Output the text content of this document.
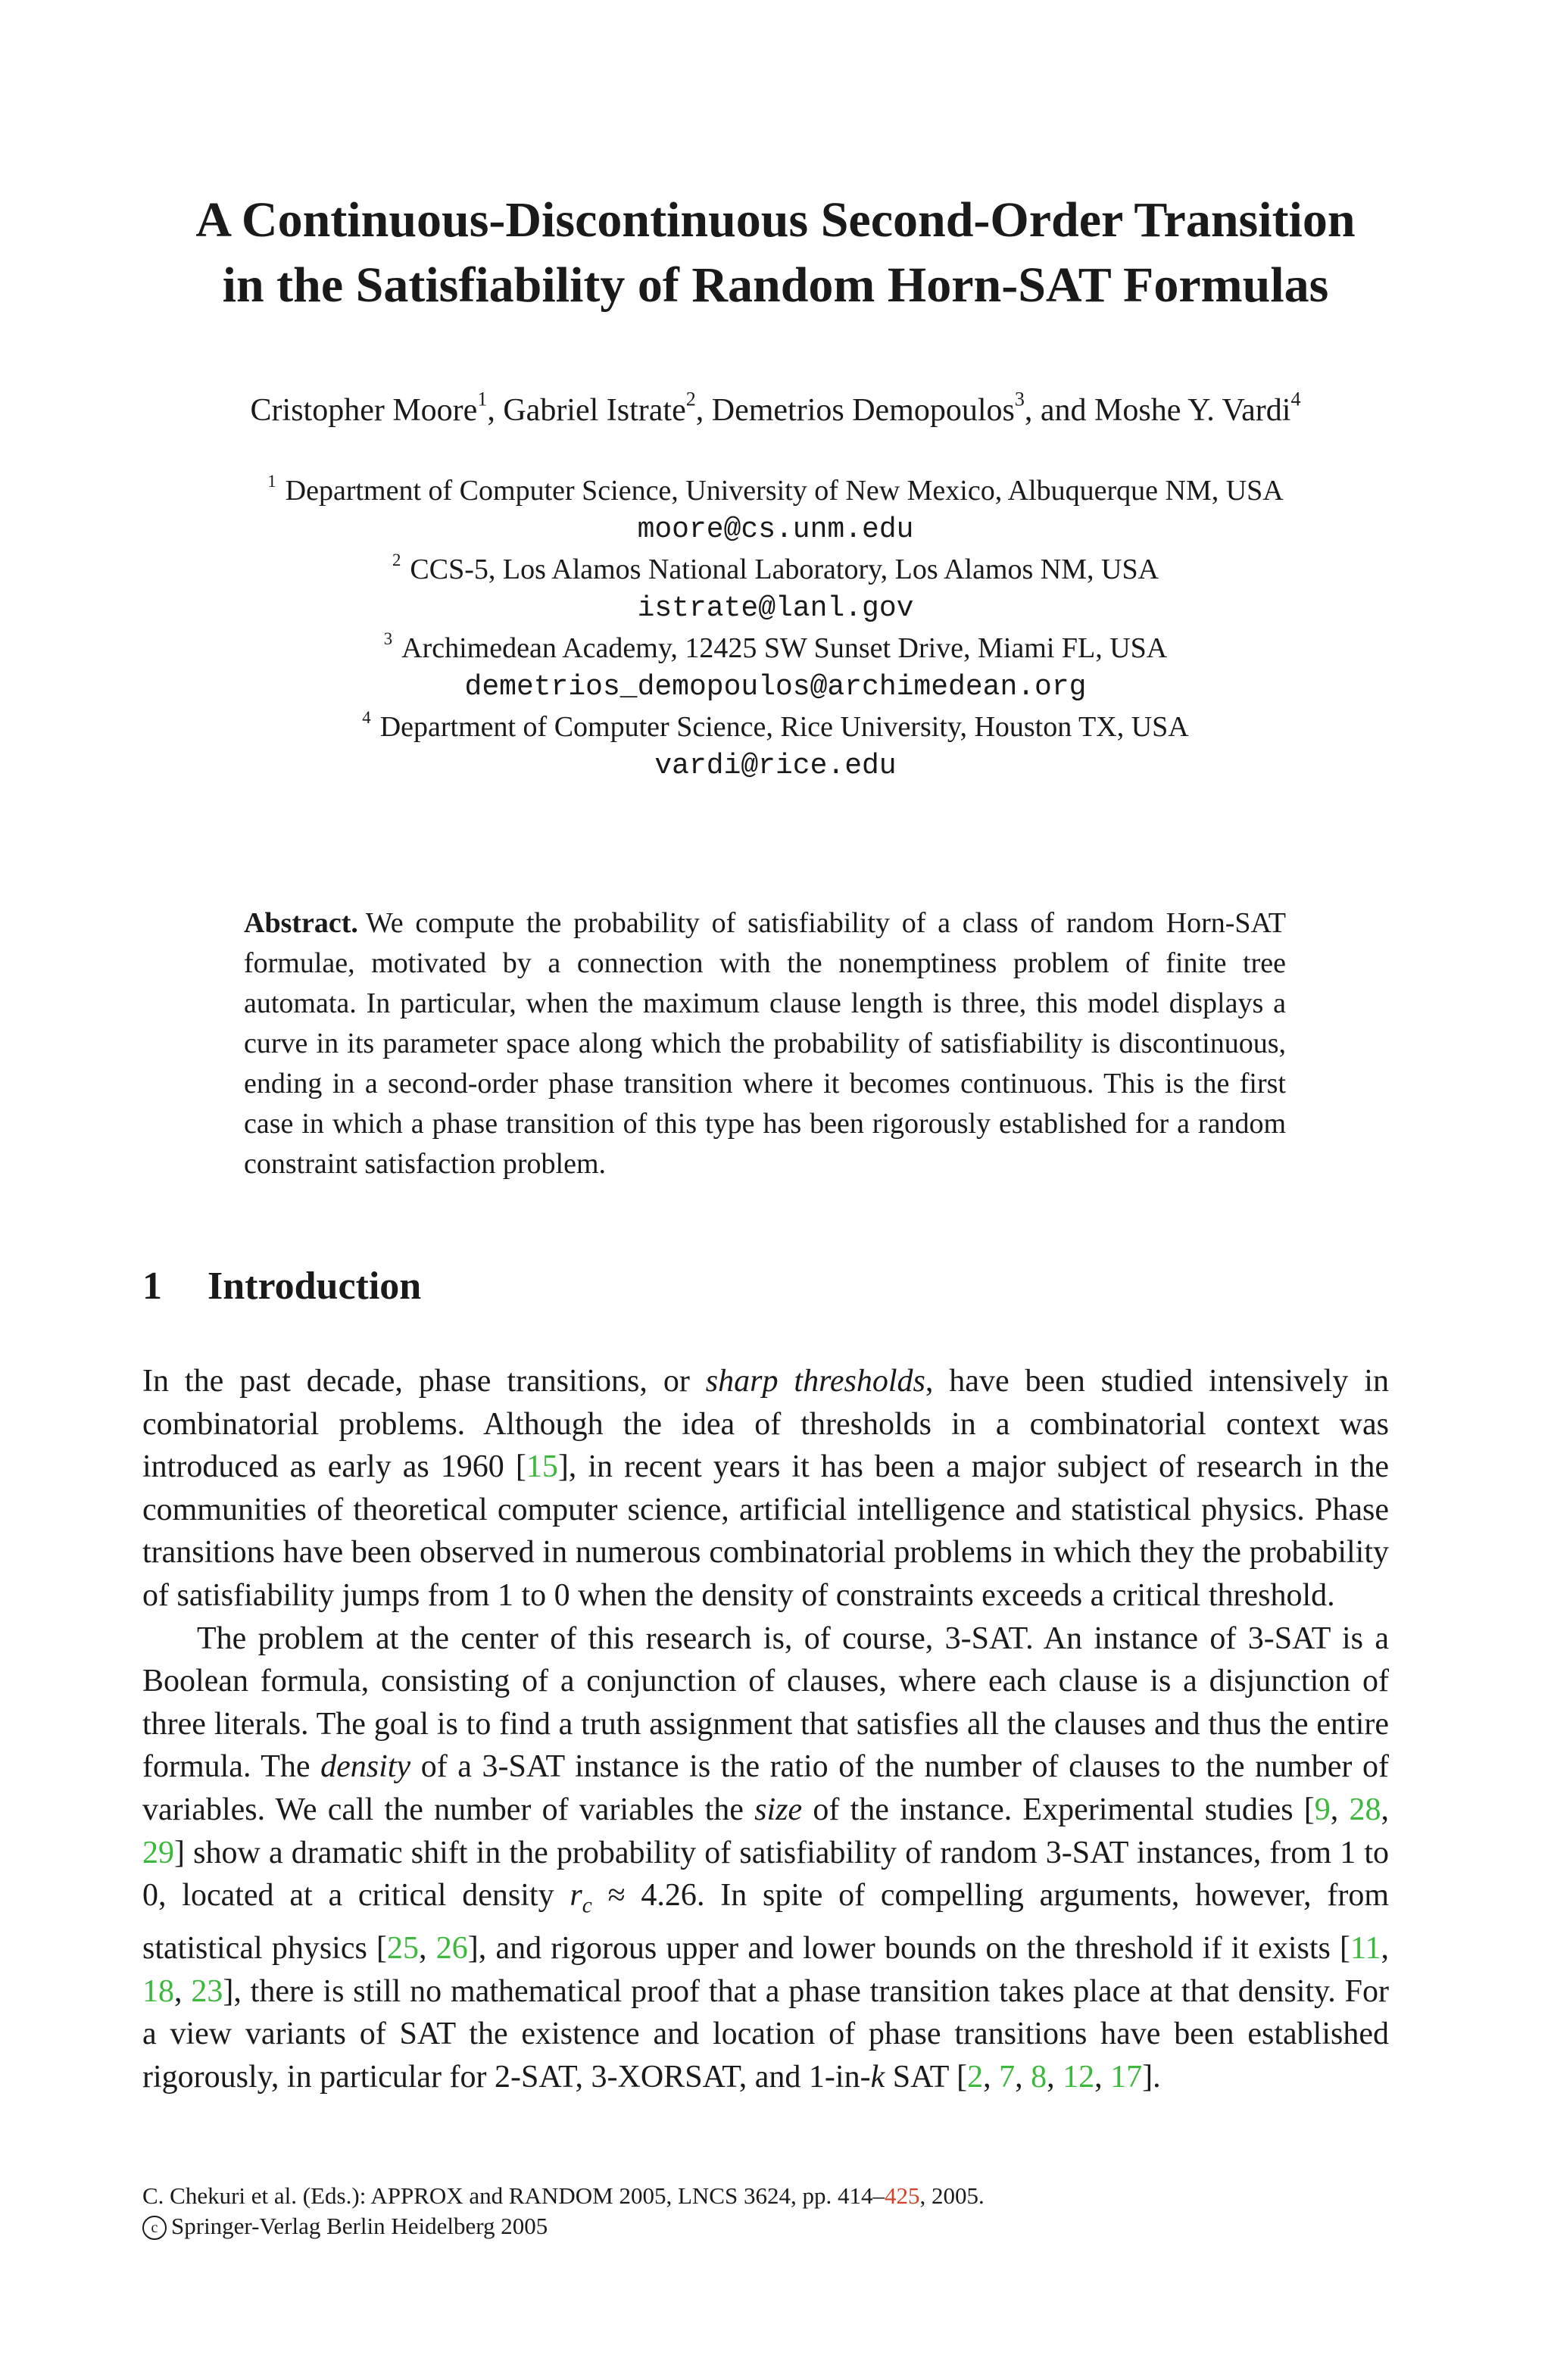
A Continuous-Discontinuous Second-Order Transition
in the Satisfiability of Random Horn-SAT Formulas
Cristopher Moore$^1$, Gabriel Istrate$^2$, Demetrios Demopoulos$^3$, and Moshe Y. Vardi$^4$
$^1$ Department of Computer Science, University of New Mexico, Albuquerque NM, USA
moore@cs.unm.edu
$^2$ CCS-5, Los Alamos National Laboratory, Los Alamos NM, USA
istrate@lanl.gov
$^3$ Archimedean Academy, 12425 SW Sunset Drive, Miami FL, USA
demetrios_demopoulos@archimedean.org
$^4$ Department of Computer Science, Rice University, Houston TX, USA
vardi@rice.edu
Abstract. We compute the probability of satisfiability of a class of random Horn-SAT formulae, motivated by a connection with the nonemptiness problem of finite tree automata. In particular, when the maximum clause length is three, this model displays a curve in its parameter space along which the probability of satisfiability is discontinuous, ending in a second-order phase transition where it becomes continuous. This is the first case in which a phase transition of this type has been rigorously established for a random constraint satisfaction problem.
1 Introduction

In the past decade, phase transitions, or sharp thresholds, have been studied intensively in combinatorial problems. Although the idea of thresholds in a combinatorial context was introduced as early as 1960 [15], in recent years it has been a major subject of research in the communities of theoretical computer science, artificial intelligence and statistical physics. Phase transitions have been observed in numerous combinatorial problems in which they the probability of satisfiability jumps from 1 to 0 when the density of constraints exceeds a critical threshold.

The problem at the center of this research is, of course, 3-SAT. An instance of 3-SAT is a Boolean formula, consisting of a conjunction of clauses, where each clause is a disjunction of three literals. The goal is to find a truth assignment that satisfies all the clauses and thus the entire formula. The density of a 3-SAT instance is the ratio of the number of clauses to the number of variables. We call the number of variables the size of the instance. Experimental studies [9, 28, 29] show a dramatic shift in the probability of satisfiability of random 3-SAT instances, from 1 to 0, located at a critical density $r_c \approx 4.26$. In spite of compelling arguments, however, from statistical physics [25, 26], and rigorous upper and lower bounds on the threshold if it exists [11, 18, 23], there is still no mathematical proof that a phase transition takes place at that density. For a view variants of SAT the existence and location of phase transitions have been established rigorously, in particular for 2-SAT, 3-XORSAT, and 1-in-k SAT [2, 7, 8, 12, 17].

C. Chekuri et al. (Eds.): APPROX and RANDOM 2005, LNCS 3624, pp. 414–425, 2005.
c Springer-Verlag Berlin Heidelberg 2005
